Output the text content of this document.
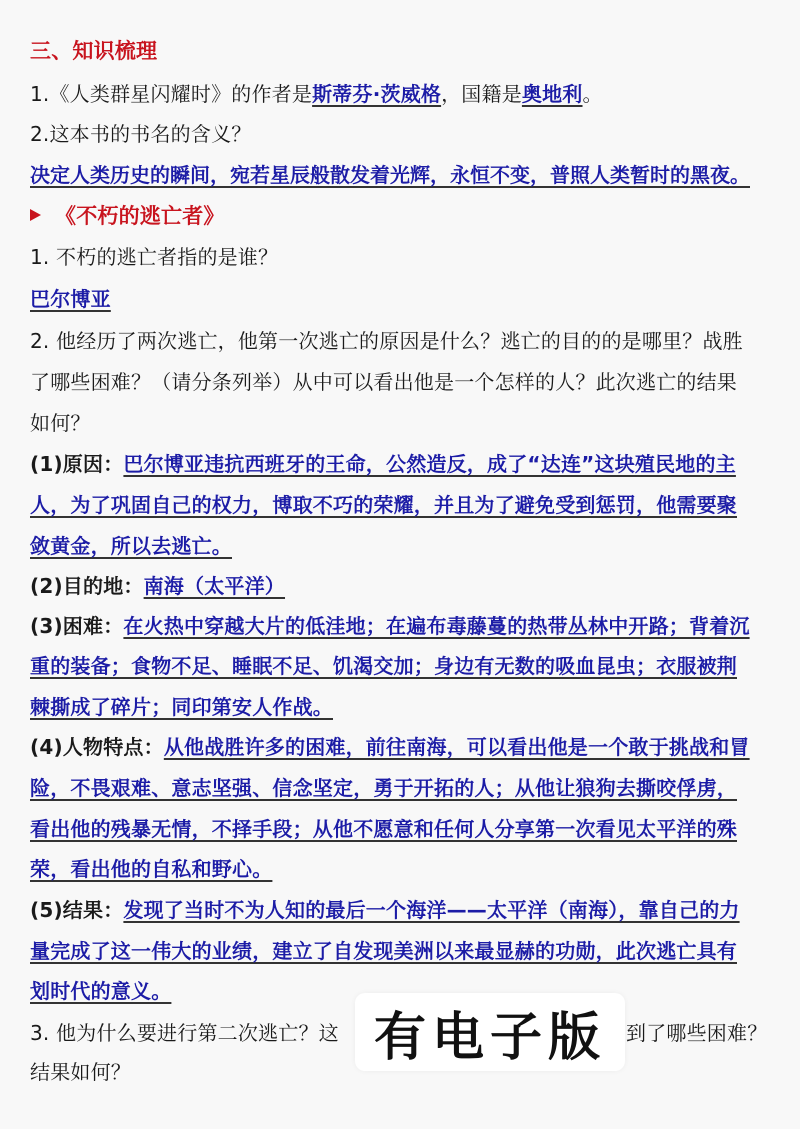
三、知识梳理
1.《人类群星闪耀时》的作者是斯蒂芬·茨威格，国籍是奥地利。
2.这本书的书名的含义？
决定人类历史的瞬间，宛若星辰般散发着光辉，永恒不变，普照人类暂时的黑夜。
《不朽的逃亡者》
1. 不朽的逃亡者指的是谁？
巴尔博亚
2. 他经历了两次逃亡，他第一次逃亡的原因是什么？逃亡的目的的是哪里？战胜
了哪些困难？（请分条列举）从中可以看出他是一个怎样的人？此次逃亡的结果
如何？
(1)原因：巴尔博亚违抗西班牙的王命，公然造反，成了“达连”这块殖民地的主
人，为了巩固自己的权力，博取不巧的荣耀，并且为了避免受到惩罚，他需要聚
敛黄金，所以去逃亡。
(2)目的地：南海（太平洋）
(3)困难：在火热中穿越大片的低洼地；在遍布毒藤蔓的热带丛林中开路；背着沉
重的装备；食物不足、睡眠不足、饥渴交加；身边有无数的吸血昆虫；衣服被荆
棘撕成了碎片；同印第安人作战。
(4)人物特点：从他战胜许多的困难，前往南海，可以看出他是一个敢于挑战和冒
险，不畏艰难、意志坚强、信念坚定，勇于开拓的人；从他让狼狗去撕咬俘虏，
看出他的残暴无情，不择手段；从他不愿意和任何人分享第一次看见太平洋的殊
荣，看出他的自私和野心。
(5)结果：发现了当时不为人知的最后一个海洋——太平洋（南海），靠自己的力
量完成了这一伟大的业绩，建立了自发现美洲以来最显赫的功勋，此次逃亡具有
划时代的意义。
3. 他为什么要进行第二次逃亡？这	到了哪些困难？
结果如何？
有电子版
